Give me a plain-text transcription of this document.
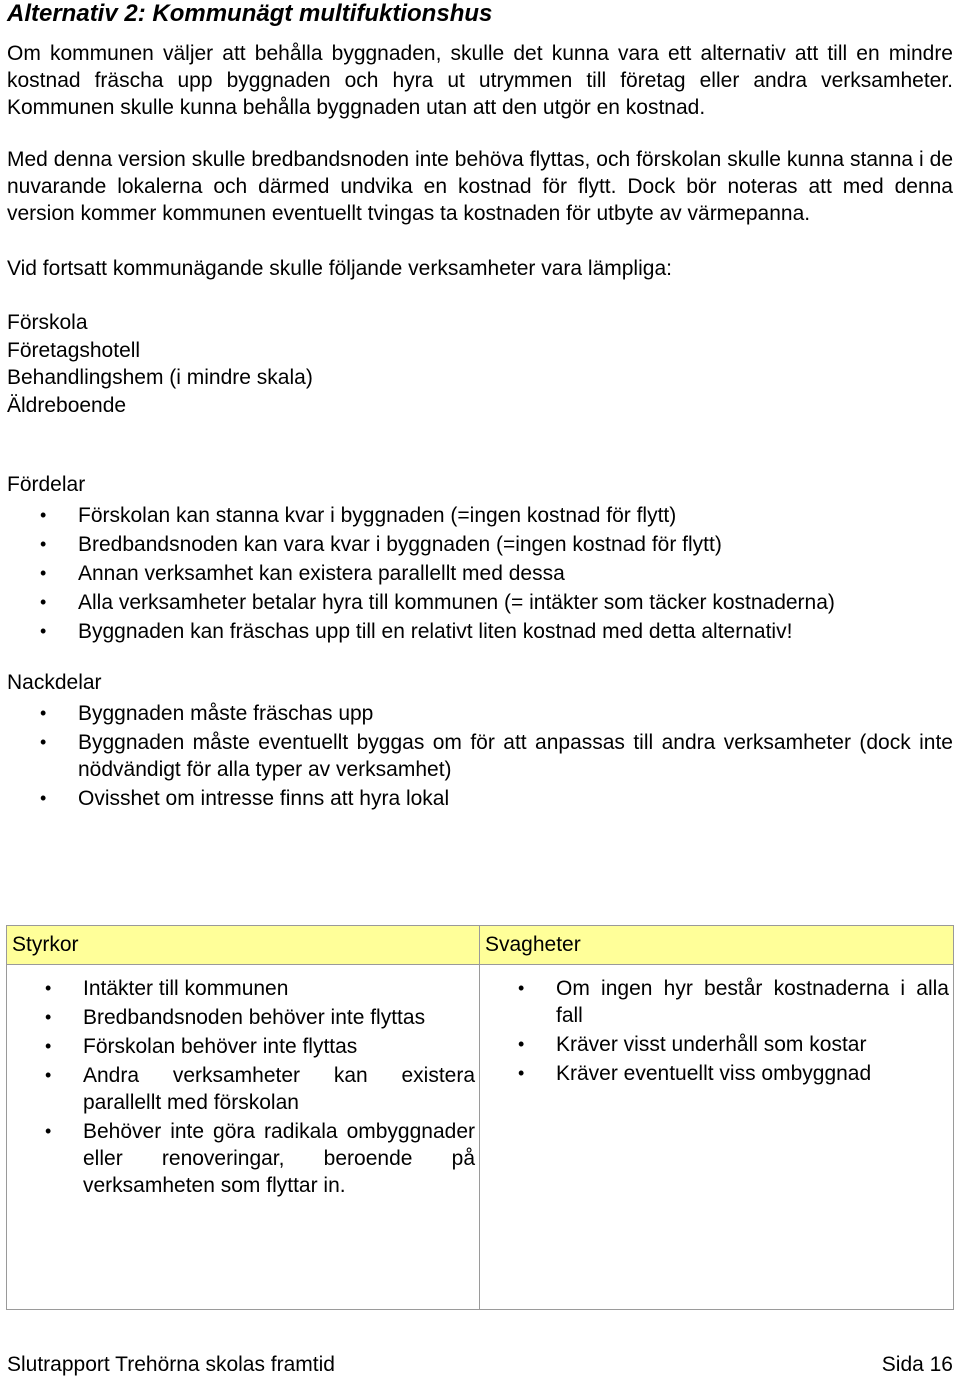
Alternativ 2: Kommunägt multifuktionshus

Om kommunen väljer att behålla byggnaden, skulle det kunna vara ett alternativ att till en mindre kostnad fräscha upp byggnaden och hyra ut utrymmen till företag eller andra verksamheter. Kommunen skulle kunna behålla byggnaden utan att den utgör en kostnad.

Med denna version skulle bredbandsnoden inte behöva flyttas, och förskolan skulle kunna stanna i de nuvarande lokalerna och därmed undvika en kostnad för flytt. Dock bör noteras att med denna version kommer kommunen eventuellt tvingas ta kostnaden för utbyte av värmepanna.

Vid fortsatt kommunägande skulle följande verksamheter vara lämpliga:

Förskola
Företagshotell
Behandlingshem (i mindre skala)
Äldreboende
Fördelar
• Förskolan kan stanna kvar i byggnaden (=ingen kostnad för flytt)
• Bredbandsnoden kan vara kvar i byggnaden (=ingen kostnad för flytt)
• Annan verksamhet kan existera parallellt med dessa
• Alla verksamheter betalar hyra till kommunen (= intäkter som täcker kostnaderna)
• Byggnaden kan fräschas upp till en relativt liten kostnad med detta alternativ!
Nackdelar
• Byggnaden måste fräschas upp
• Byggnaden måste eventuellt byggas om för att anpassas till andra verksamheter (dock inte nödvändigt för alla typer av verksamhet)
• Ovisshet om intresse finns att hyra lokal
Styrkor	Svagheter
• Intäkter till kommunen
• Bredbandsnoden behöver inte flyttas
• Förskolan behöver inte flyttas
• Andra verksamheter kan existera parallellt med förskolan
• Behöver inte göra radikala ombyggnader eller renoveringar, beroende på verksamheten som flyttar in.
• Om ingen hyr består kostnaderna i alla fall
• Kräver visst underhåll som kostar
• Kräver eventuellt viss ombyggnad
Slutrapport Trehörna skolas framtid	Sida 16
